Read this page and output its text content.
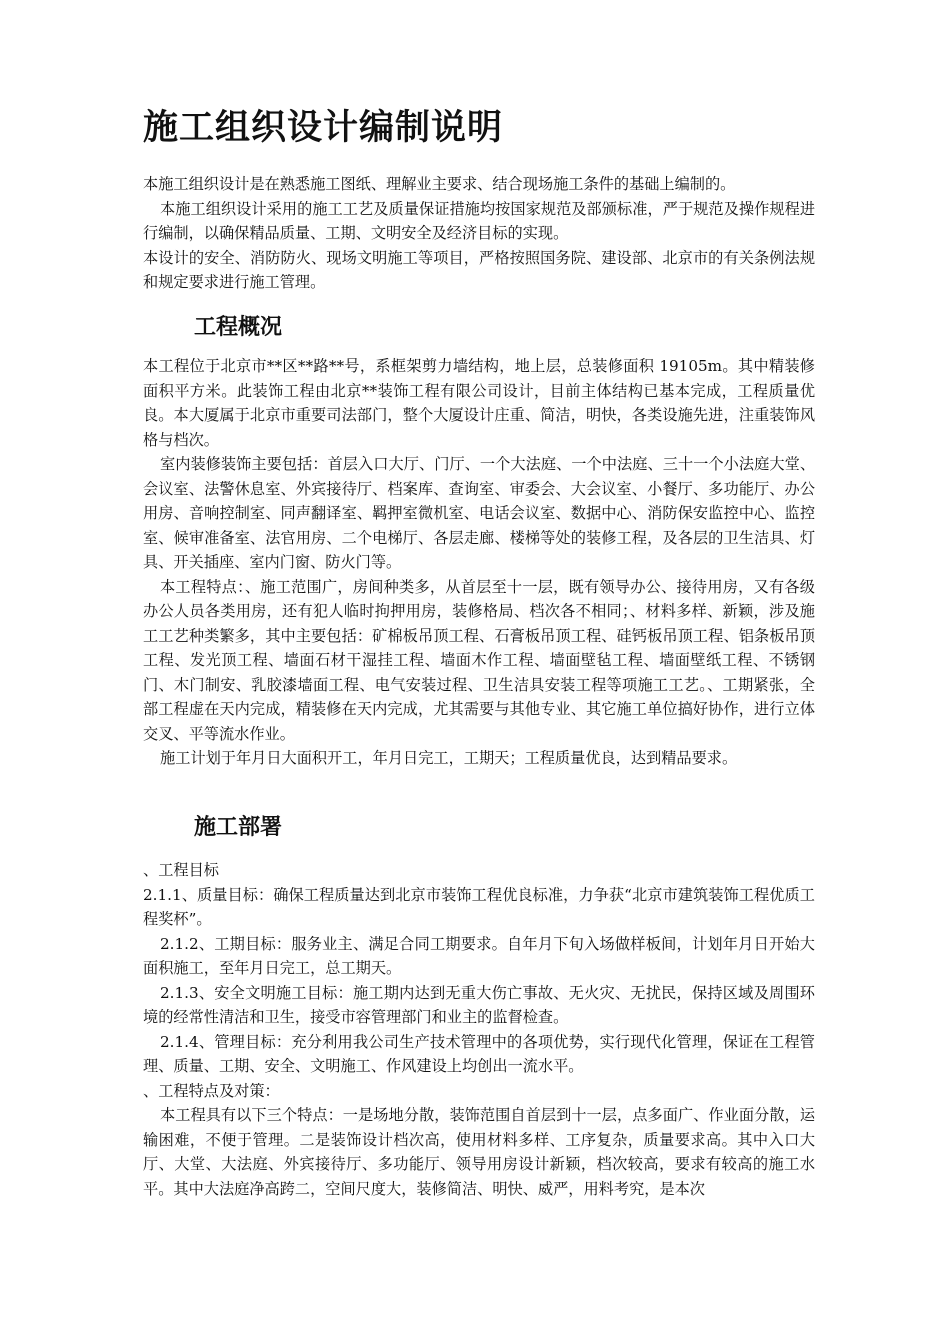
施工组织设计编制说明

本施工组织设计是在熟悉施工图纸、理解业主要求、结合现场施工条件的基础上编制的。

本施工组织设计采用的施工工艺及质量保证措施均按国家规范及部颁标准，严于规范及操作规程进行编制，以确保精品质量、工期、文明安全及经济目标的实现。

本设计的安全、消防防火、现场文明施工等项目，严格按照国务院、建设部、北京市的有关条例法规和规定要求进行施工管理。

工程概况

本工程位于北京市**区**路**号，系框架剪力墙结构，地上层，总装修面积 19105m。其中精装修面积平方米。此装饰工程由北京**装饰工程有限公司设计，目前主体结构已基本完成，工程质量优良。本大厦属于北京市重要司法部门，整个大厦设计庄重、简洁，明快，各类设施先进，注重装饰风格与档次。

室内装修装饰主要包括：首层入口大厅、门厅、一个大法庭、一个中法庭、三十一个小法庭大堂、会议室、法警休息室、外宾接待厅、档案库、查询室、审委会、大会议室、小餐厅、多功能厅、办公用房、音响控制室、同声翻译室、羁押室微机室、电话会议室、数据中心、消防保安监控中心、监控室、候审准备室、法官用房、二个电梯厅、各层走廊、楼梯等处的装修工程，及各层的卫生洁具、灯具、开关插座、室内门窗、防火门等。

本工程特点：、施工范围广，房间种类多，从首层至十一层，既有领导办公、接待用房，又有各级办公人员各类用房，还有犯人临时拘押用房，装修格局、档次各不相同；、材料多样、新颖，涉及施工工艺种类繁多，其中主要包括：矿棉板吊顶工程、石膏板吊顶工程、硅钙板吊顶工程、铝条板吊顶工程、发光顶工程、墙面石材干湿挂工程、墙面木作工程、墙面壁毡工程、墙面壁纸工程、不锈钢门、木门制安、乳胶漆墙面工程、电气安装过程、卫生洁具安装工程等项施工工艺。、工期紧张，全部工程虚在天内完成，精装修在天内完成，尤其需要与其他专业、其它施工单位搞好协作，进行立体交叉、平等流水作业。

施工计划于年月日大面积开工，年月日完工，工期天；工程质量优良，达到精品要求。

施工部署

、工程目标

2.1.1、质量目标：确保工程质量达到北京市装饰工程优良标准，力争获“北京市建筑装饰工程优质工程奖杯”。

2.1.2、工期目标：服务业主、满足合同工期要求。自年月下旬入场做样板间，计划年月日开始大面积施工，至年月日完工，总工期天。

2.1.3、安全文明施工目标：施工期内达到无重大伤亡事故、无火灾、无扰民，保持区域及周围环境的经常性清洁和卫生，接受市容管理部门和业主的监督检查。

2.1.4、管理目标：充分利用我公司生产技术管理中的各项优势，实行现代化管理，保证在工程管理、质量、工期、安全、文明施工、作风建设上均创出一流水平。

、工程特点及对策：

本工程具有以下三个特点：一是场地分散，装饰范围自首层到十一层，点多面广、作业面分散，运输困难，不便于管理。二是装饰设计档次高，使用材料多样、工序复杂，质量要求高。其中入口大厅、大堂、大法庭、外宾接待厅、多功能厅、领导用房设计新颖，档次较高，要求有较高的施工水平。其中大法庭净高跨二，空间尺度大，装修简洁、明快、威严，用料考究，是本次
